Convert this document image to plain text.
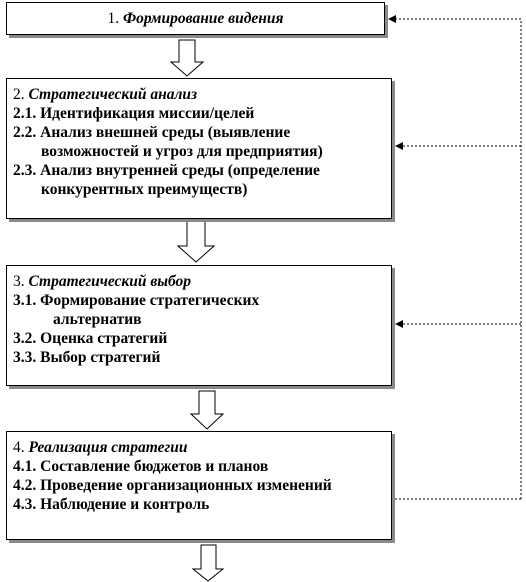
1. Формирование видения
2. Стратегический анализ
2.1. Идентификация миссии/целей
2.2. Анализ внешней среды (выявление
возможностей и угроз для предприятия)
2.3. Анализ внутренней среды (определение
конкурентных преимуществ)
3. Стратегический выбор
3.1. Формирование стратегических
альтернатив
3.2. Оценка стратегий
3.3. Выбор стратегий
4. Реализация стратегии
4.1. Составление бюджетов и планов
4.2. Проведение организационных изменений
4.3. Наблюдение и контроль
